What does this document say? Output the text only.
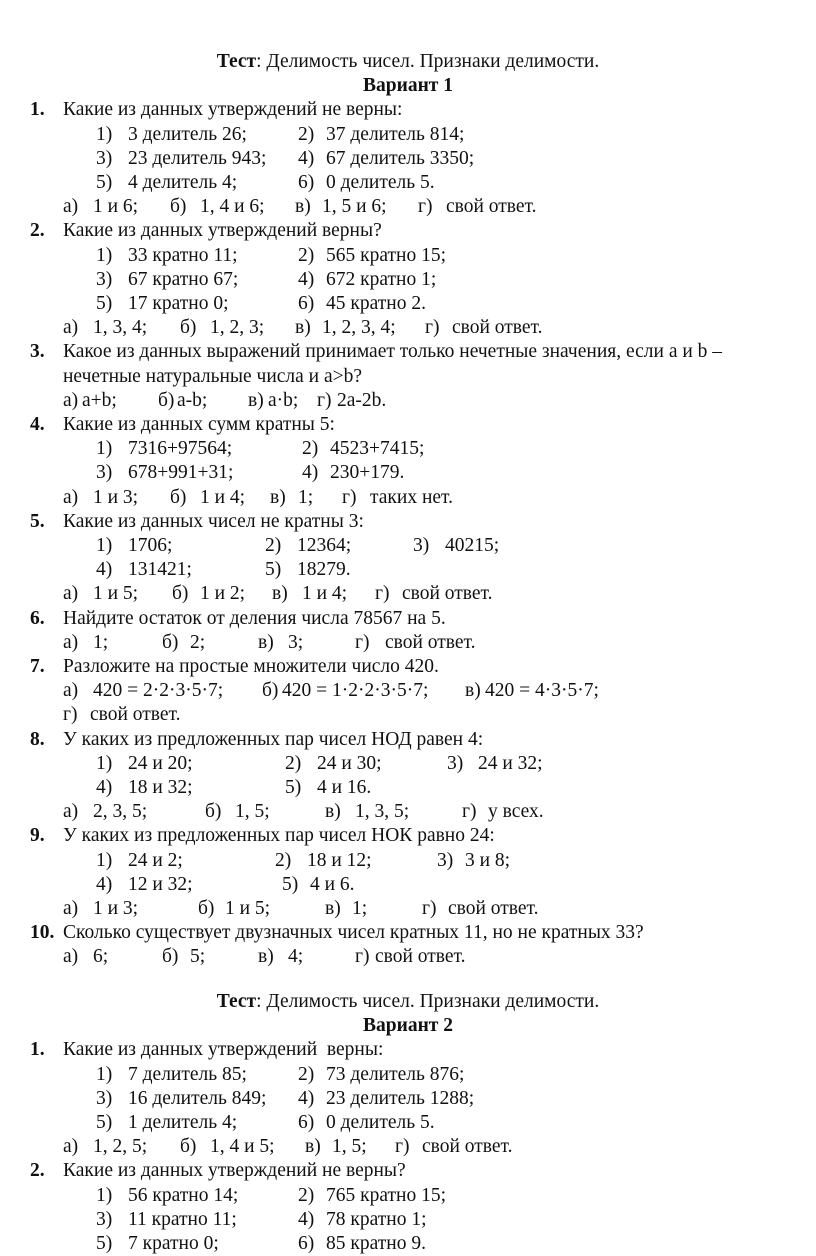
Тест: Делимость чисел. Признаки делимости.
Вариант 1
1. Какие из данных утверждений не верны:
1) 3 делитель 26;	2) 37 делитель 814;
3) 23 делитель 943; 4) 67 делитель 3350;
5) 4 делитель 4;	6) 0 делитель 5.
а) 1 и 6; б) 1, 4 и 6; в) 1, 5 и 6; г) свой ответ.
2. Какие из данных утверждений верны?
1) 33 кратно 11;	2) 565 кратно 15;
3) 67 кратно 67;	4) 672 кратно 1;
5) 17 кратно 0;	6) 45 кратно 2.
а) 1, 3, 4; б) 1, 2, 3; в) 1, 2, 3, 4; г) свой ответ.
3. Какое из данных выражений принимает только нечетные значения, если a и b –
нечетные натуральные числа и a>b?
а) a+b; б) a-b; в) a·b; г) 2a-2b.
4. Какие из данных сумм кратны 5:
1) 7316+97564;	2) 4523+7415;
3) 678+991+31;	4) 230+179.
а) 1 и 3; б) 1 и 4; в) 1; г) таких нет.
5. Какие из данных чисел не кратны 3:
1) 1706;	2) 12364;	3) 40215;
4) 131421;	5) 18279.
а) 1 и 5; б) 1 и 2; в) 1 и 4; г) свой ответ.
6. Найдите остаток от деления числа 78567 на 5.
а) 1;	б) 2;	в) 3;	г) свой ответ.
7. Разложите на простые множители число 420.
а) 420 = 2·2·3·5·7; б) 420 = 1·2·2·3·5·7; в) 420 = 4·3·5·7;
г) свой ответ.
8. У каких из предложенных пар чисел НОД равен 4:
1) 24 и 20;	2) 24 и 30;	3) 24 и 32;
4) 18 и 32;	5) 4 и 16.
а) 2, 3, 5;	б) 1, 5;	в) 1, 3, 5;	г) у всех.
9. У каких из предложенных пар чисел НОК равно 24:
1) 24 и 2;	2) 18 и 12;	3) 3 и 8;
4) 12 и 32;	5) 4 и 6.
а) 1 и 3;	б) 1 и 5;	в) 1;	г) свой ответ.
10. Сколько существует двузначных чисел кратных 11, но не кратных 33?
а) 6;	б) 5;	в) 4;	г) свой ответ.
Тест: Делимость чисел. Признаки делимости.
Вариант 2
1. Какие из данных утверждений  верны:
1) 7 делитель 85;	2) 73 делитель 876;
3) 16 делитель 849; 4) 23 делитель 1288;
5) 1 делитель 4;	6) 0 делитель 5.
а) 1, 2, 5; б) 1, 4 и 5; в) 1, 5; г) свой ответ.
2. Какие из данных утверждений не верны?
1) 56 кратно 14;	2) 765 кратно 15;
3) 11 кратно 11;	4) 78 кратно 1;
5) 7 кратно 0;	6) 85 кратно 9.
